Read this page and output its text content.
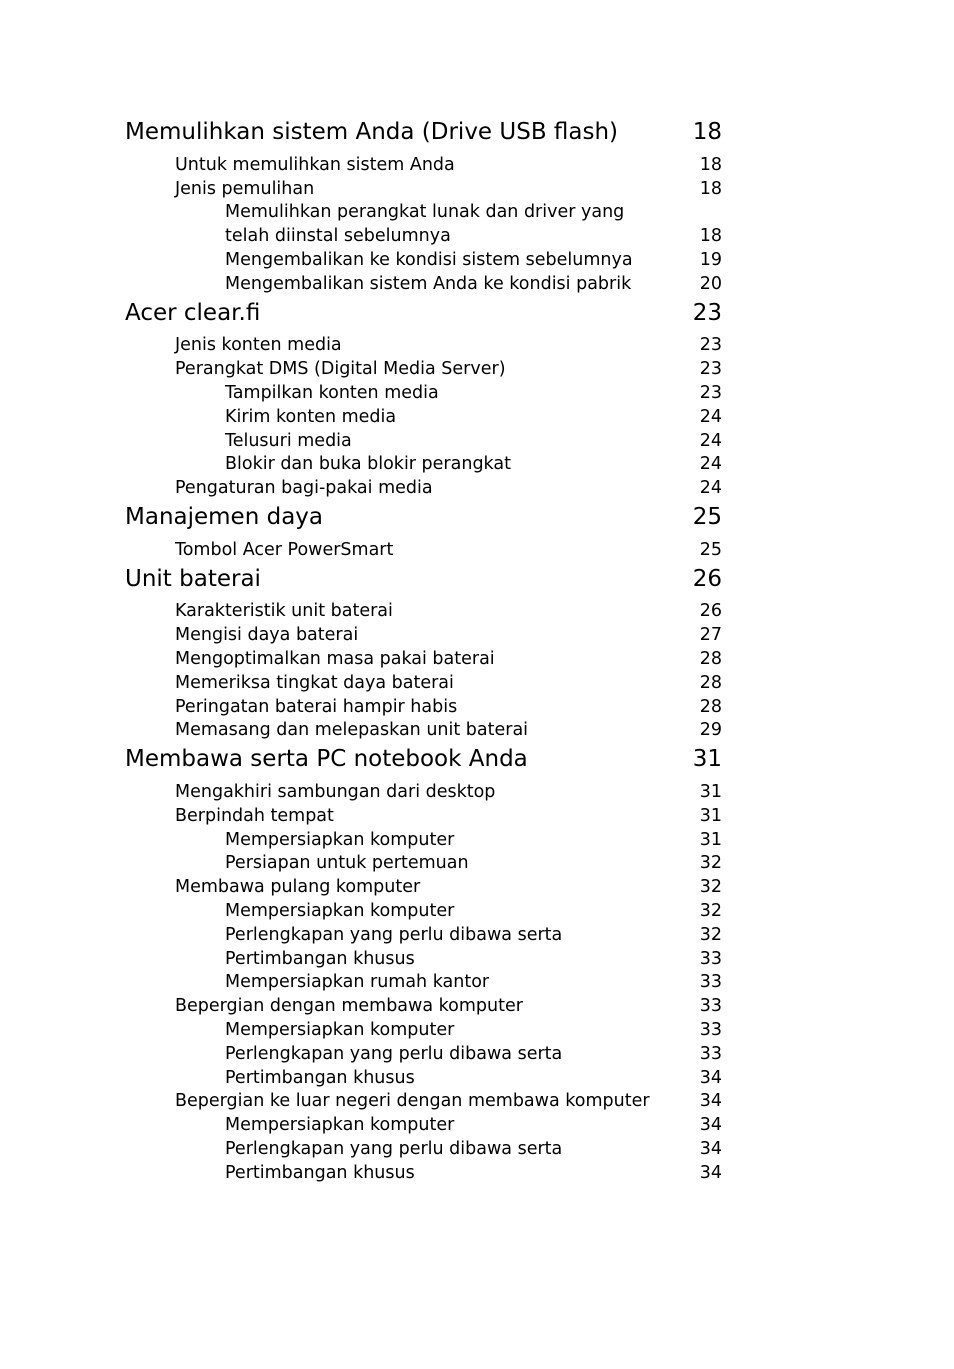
Memulihkan sistem Anda (Drive USB flash)	18
Untuk memulihkan sistem Anda	18
Jenis pemulihan	18
Memulihkan perangkat lunak dan driver yang
telah diinstal sebelumnya	18
Mengembalikan ke kondisi sistem sebelumnya	19
Mengembalikan sistem Anda ke kondisi pabrik	20
Acer clear.fi	23
Jenis konten media	23
Perangkat DMS (Digital Media Server)	23
Tampilkan konten media	23
Kirim konten media	24
Telusuri media	24
Blokir dan buka blokir perangkat	24
Pengaturan bagi-pakai media	24
Manajemen daya	25
Tombol Acer PowerSmart	25
Unit baterai	26
Karakteristik unit baterai	26
Mengisi daya baterai	27
Mengoptimalkan masa pakai baterai	28
Memeriksa tingkat daya baterai	28
Peringatan baterai hampir habis	28
Memasang dan melepaskan unit baterai	29
Membawa serta PC notebook Anda	31
Mengakhiri sambungan dari desktop	31
Berpindah tempat	31
Mempersiapkan komputer	31
Persiapan untuk pertemuan	32
Membawa pulang komputer	32
Mempersiapkan komputer	32
Perlengkapan yang perlu dibawa serta	32
Pertimbangan khusus	33
Mempersiapkan rumah kantor	33
Bepergian dengan membawa komputer	33
Mempersiapkan komputer	33
Perlengkapan yang perlu dibawa serta	33
Pertimbangan khusus	34
Bepergian ke luar negeri dengan membawa komputer	34
Mempersiapkan komputer	34
Perlengkapan yang perlu dibawa serta	34
Pertimbangan khusus	34
